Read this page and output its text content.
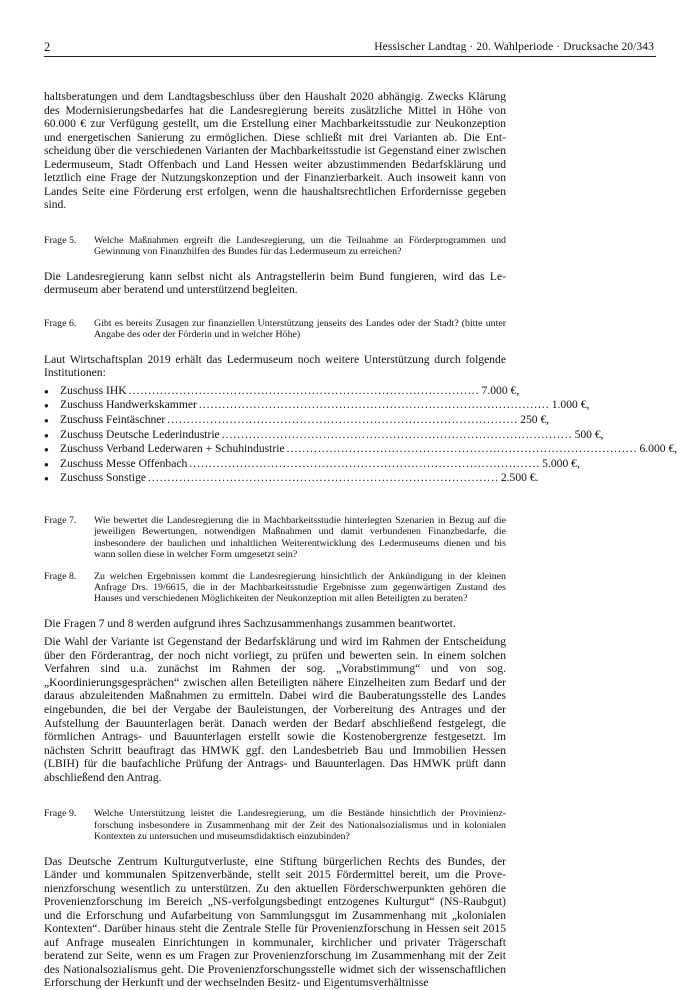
2	Hessischer Landtag · 20. Wahlperiode · Drucksache 20/343

haltsberatungen und dem Landtagsbeschluss über den Haushalt 2020 abhängig. Zwecks Klärung des Modernisierungsbedarfes hat die Landesregierung bereits zusätzliche Mittel in Höhe von 60.000 € zur Verfügung gestellt, um die Erstellung einer Machbarkeitsstudie zur Neukonzeption und energetischen Sanierung zu ermöglichen. Diese schließt mit drei Varianten ab. Die Entscheidung über die verschiedenen Varianten der Machbarkeitsstudie ist Gegenstand einer zwischen Ledermuseum, Stadt Offenbach und Land Hessen weiter abzustimmenden Bedarfsklärung und letztlich eine Frage der Nutzungskonzeption und der Finanzierbarkeit. Auch insoweit kann von Landes Seite eine Förderung erst erfolgen, wenn die haushaltsrechtlichen Erfordernisse gegeben sind.

Frage 5.	Welche Maßnahmen ergreift die Landesregierung, um die Teilnahme an Förderprogrammen und Gewinnung von Finanzhilfen des Bundes für das Ledermuseum zu erreichen?

Die Landesregierung kann selbst nicht als Antragstellerin beim Bund fungieren, wird das Ledermuseum aber beratend und unterstützend begleiten.

Frage 6.	Gibt es bereits Zusagen zur finanziellen Unterstützung jenseits des Landes oder der Stadt? (bitte unter Angabe des oder der Förderin und in welcher Höhe)

Laut Wirtschaftsplan 2019 erhält das Ledermuseum noch weitere Unterstützung durch folgende Institutionen:

● Zuschuss IHK .......................................................................................... 7.000 €,
● Zuschuss Handwerkskammer .......................................................................................... 1.000 €,
● Zuschuss Feintäschner .......................................................................................... 250 €,
● Zuschuss Deutsche Lederindustrie .......................................................................................... 500 €,
● Zuschuss Verband Lederwaren + Schuhindustrie .......................................................................................... 6.000 €,
● Zuschuss Messe Offenbach .......................................................................................... 5.000 €,
● Zuschuss Sonstige .......................................................................................... 2.500 €.
Frage 7.	Wie bewertet die Landesregierung die in Machbarkeitsstudie hinterlegten Szenarien in Bezug auf die jeweiligen Bewertungen, notwendigen Maßnahmen und damit verbundenen Finanzbedarfe, die insbesondere der baulichen und inhaltlichen Weiterentwicklung des Ledermuseums dienen und bis wann sollen diese in welcher Form umgesetzt sein?
Frage 8.	Zu welchen Ergebnissen kommt die Landesregierung hinsichtlich der Ankündigung in der kleinen Anfrage Drs. 19/6615, die in der Machbarkeitsstudie Ergebnisse zum gegenwärtigen Zustand des Hauses und verschiedenen Möglichkeiten der Neukonzeption mit allen Beteiligten zu beraten?

Die Fragen 7 und 8 werden aufgrund ihres Sachzusammenhangs zusammen beantwortet.

Die Wahl der Variante ist Gegenstand der Bedarfsklärung und wird im Rahmen der Entscheidung über den Förderantrag, der noch nicht vorliegt, zu prüfen und bewerten sein. In einem solchen Verfahren sind u.a. zunächst im Rahmen der sog. „Vorabstimmung“ und von sog. „Koordinierungsgesprächen“ zwischen allen Beteiligten nähere Einzelheiten zum Bedarf und der daraus abzuleitenden Maßnahmen zu ermitteln. Dabei wird die Bauberatungsstelle des Landes eingebunden, die bei der Vergabe der Bauleistungen, der Vorbereitung des Antrages und der Aufstellung der Bauunterlagen berät. Danach werden der Bedarf abschließend festgelegt, die förmlichen Antrags- und Bauunterlagen erstellt sowie die Kostenobergrenze festgesetzt. Im nächsten Schritt beauftragt das HMWK ggf. den Landesbetrieb Bau und Immobilien Hessen (LBIH) für die baufachliche Prüfung der Antrags- und Bauunterlagen. Das HMWK prüft dann abschließend den Antrag.

Frage 9.	Welche Unterstützung leistet die Landesregierung, um die Bestände hinsichtlich der Provinienzforschung insbesondere in Zusammenhang mit der Zeit des Nationalsozialismus und in kolonialen Kontexten zu untersuchen und museumsdidaktisch einzubinden?

Das Deutsche Zentrum Kulturgutverluste, eine Stiftung bürgerlichen Rechts des Bundes, der Länder und kommunalen Spitzenverbände, stellt seit 2015 Fördermittel bereit, um die Provenienzforschung wesentlich zu unterstützen. Zu den aktuellen Förderschwerpunkten gehören die Provenienzforschung im Bereich „NS-verfolgungsbedingt entzogenes Kulturgut“ (NS-Raubgut) und die Erforschung und Aufarbeitung von Sammlungsgut im Zusammenhang mit „kolonialen Kontexten“. Darüber hinaus steht die Zentrale Stelle für Provenienzforschung in Hessen seit 2015 auf Anfrage musealen Einrichtungen in kommunaler, kirchlicher und privater Trägerschaft beratend zur Seite, wenn es um Fragen zur Provenienzforschung im Zusammenhang mit der Zeit des Nationalsozialismus geht. Die Provenienzforschungsstelle widmet sich der wissenschaftlichen Erforschung der Herkunft und der wechselnden Besitz- und Eigentumsverhältnisse
